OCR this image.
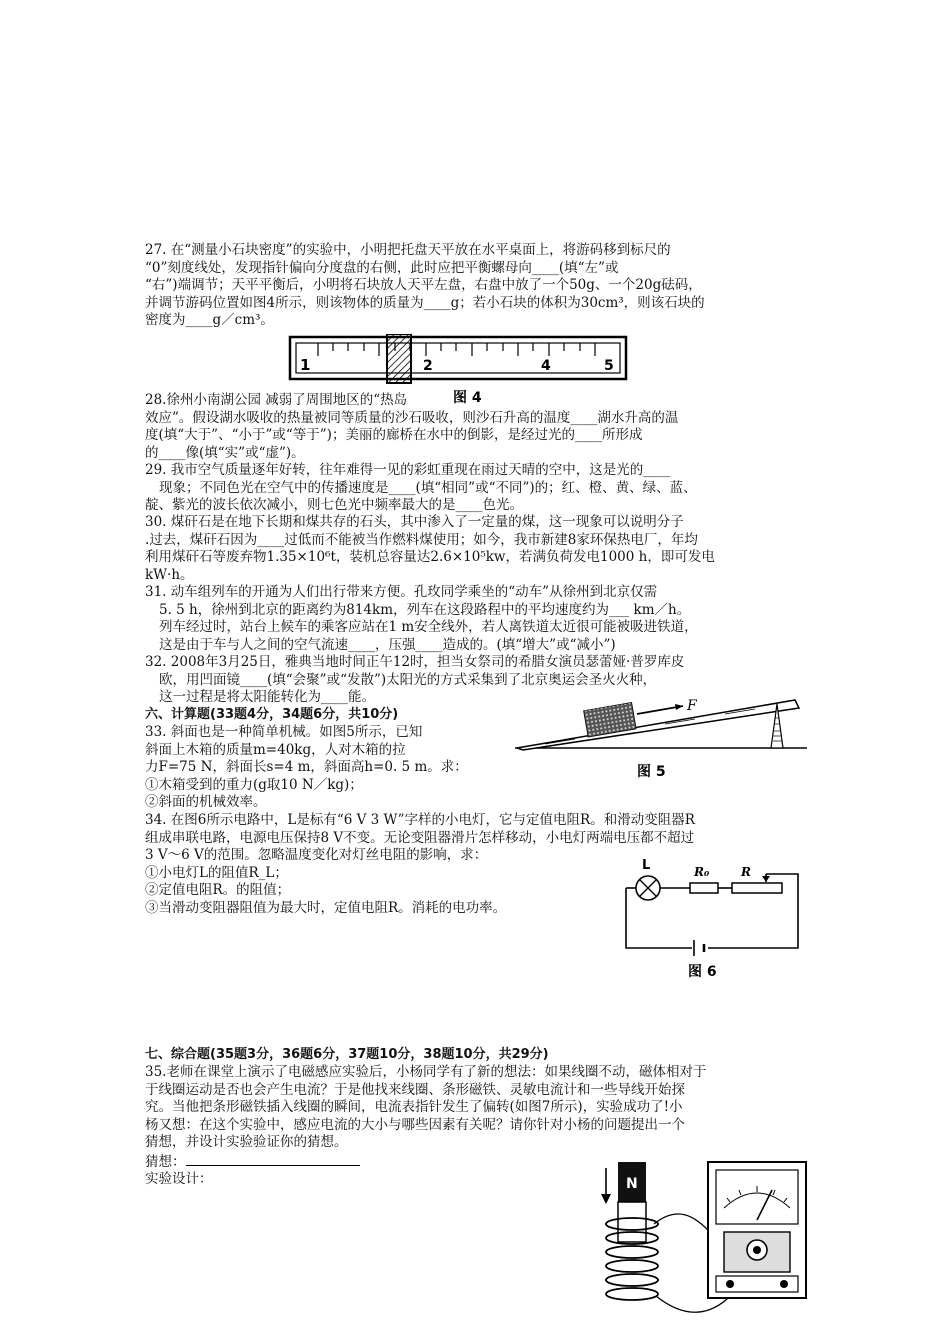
27. 在“测量小石块密度”的实验中，小明把托盘天平放在水平桌面上，将游码移到标尺的
“0”刻度线处，发现指针偏向分度盘的右侧，此时应把平衡螺母向____(填“左”或
“右”)端调节；天平平衡后，小明将石块放人天平左盘，右盘中放了一个50g、一个20g砝码，
并调节游码位置如图4所示，则该物体的质量为____g；若小石块的体积为30cm³，则该石块的
密度为____g／cm³。
1	2	4	5
图 4
28.徐州小南湖公园 减弱了周围地区的“热岛
效应”。假设湖水吸收的热量被同等质量的沙石吸收，则沙石升高的温度____湖水升高的温
度(填“大于”、“小于”或“等于”)；美丽的廊桥在水中的倒影，是经过光的____所形成
的____像(填“实”或“虚”)。
29. 我市空气质量逐年好转，往年难得一见的彩虹重现在雨过天晴的空中，这是光的____
现象；不同色光在空气中的传播速度是____(填“相同”或“不同”)的；红、橙、黄、绿、蓝、
靛、紫光的波长依次减小，则七色光中频率最大的是____色光。
30. 煤矸石是在地下长期和煤共存的石头，其中渗入了一定量的煤，这一现象可以说明分子
.过去，煤矸石因为____过低而不能被当作燃料煤使用；如今，我市新建8家环保热电厂，年均
利用煤矸石等废弃物1.35×10⁶t，装机总容量达2.6×10⁵kw，若满负荷发电1000 h，即可发电
kW·h。
31. 动车组列车的开通为人们出行带来方便。孔玫同学乘坐的“动车”从徐州到北京仅需
5. 5 h，徐州到北京的距离约为814km，列车在这段路程中的平均速度约为___ km／h。
列车经过时，站台上候车的乘客应站在1 m安全线外，若人离铁道太近很可能被吸进铁道，
这是由于车与人之间的空气流速____，压强____造成的。(填“增大”或“减小”)
32. 2008年3月25日，雅典当地时间正午12时，担当女祭司的希腊女演员瑟蕾娅·普罗库皮
欧，用凹面镜____(填“会聚”或“发散”)太阳光的方式采集到了北京奥运会圣火火种，
这一过程是将太阳能转化为____能。
六、计算题(33题4分，34题6分，共10分)
33. 斜面也是一种简单机械。如图5所示，已知
斜面上木箱的质量m=40kg，人对木箱的拉
力F=75 N，斜面长s=4 m，斜面高h=0. 5 m。求：
①木箱受到的重力(g取10 N／kg)；
②斜面的机械效率。
F
图 5
34. 在图6所示电路中，L是标有“6 V 3 W”字样的小电灯，它与定值电阻R。和滑动变阻器R
组成串联电路，电源电压保持8 V不变。无论变阻器滑片怎样移动，小电灯两端电压都不超过
3 V～6 V的范围。忽略温度变化对灯丝电阻的影响，求：
①小电灯L的阻值R_L；
②定值电阻R。的阻值；
③当滑动变阻器阻值为最大时，定值电阻R。消耗的电功率。
L	R₀	R
图 6
七、综合题(35题3分，36题6分，37题10分，38题10分，共29分)
35.老师在课堂上演示了电磁感应实验后，小杨同学有了新的想法：如果线圈不动，磁体相对于
于线圈运动是否也会产生电流？于是他找来线圈、条形磁铁、灵敏电流计和一些导线开始探
究。当他把条形磁铁插入线圈的瞬间，电流表指针发生了偏转(如图7所示)，实验成功了!小
杨又想：在这个实验中，感应电流的大小与哪些因素有关呢？请你针对小杨的问题提出一个
猜想，并设计实验验证你的猜想。
猜想：
实验设计：	N
